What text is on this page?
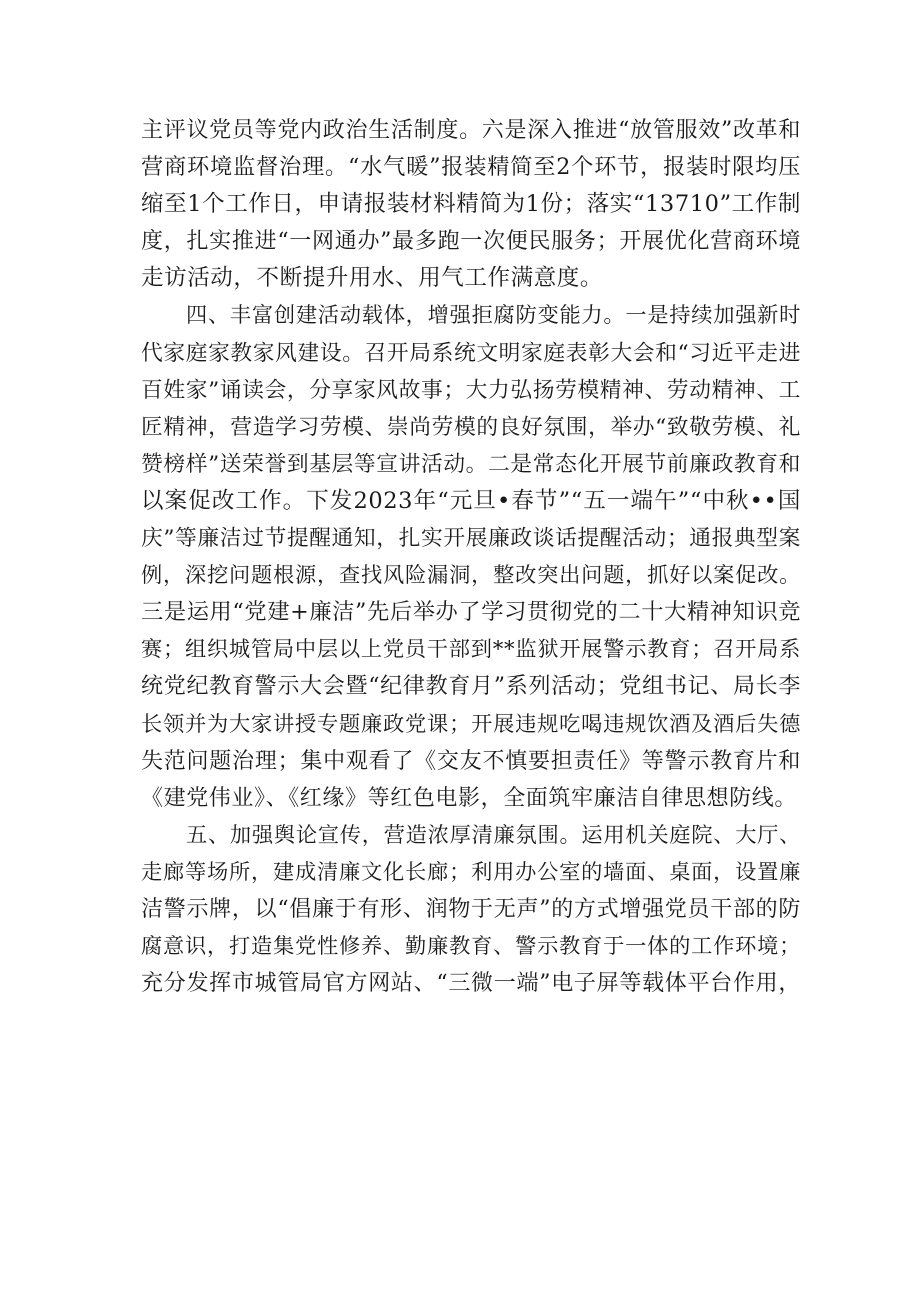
主评议党员等党内政治生活制度。六是深入推进“放管服效”改革和
营商环境监督治理。“水气暖”报装精简至2个环节，报装时限均压
缩至1个工作日，申请报装材料精简为1份；落实“13710”工作制
度，扎实推进“一网通办”最多跑一次便民服务；开展优化营商环境
走访活动，不断提升用水、用气工作满意度。
四、丰富创建活动载体，增强拒腐防变能力。一是持续加强新时
代家庭家教家风建设。召开局系统文明家庭表彰大会和“习近平走进
百姓家”诵读会，分享家风故事；大力弘扬劳模精神、劳动精神、工
匠精神，营造学习劳模、崇尚劳模的良好氛围，举办“致敬劳模、礼
赞榜样”送荣誉到基层等宣讲活动。二是常态化开展节前廉政教育和
以案促改工作。下发2023年“元旦•春节”“五一端午”“中秋••国
庆”等廉洁过节提醒通知，扎实开展廉政谈话提醒活动；通报典型案
例，深挖问题根源，查找风险漏洞，整改突出问题，抓好以案促改。
三是运用“党建+廉洁”先后举办了学习贯彻党的二十大精神知识竞
赛；组织城管局中层以上党员干部到**监狱开展警示教育；召开局系
统党纪教育警示大会暨“纪律教育月”系列活动；党组书记、局长李
长领并为大家讲授专题廉政党课；开展违规吃喝违规饮酒及酒后失德
失范问题治理；集中观看了《交友不慎要担责任》等警示教育片和
《建党伟业》、《红缘》等红色电影，全面筑牢廉洁自律思想防线。
五、加强舆论宣传，营造浓厚清廉氛围。运用机关庭院、大厅、
走廊等场所，建成清廉文化长廊；利用办公室的墙面、桌面，设置廉
洁警示牌，以“倡廉于有形、润物于无声”的方式增强党员干部的防
腐意识，打造集党性修养、勤廉教育、警示教育于一体的工作环境；
充分发挥市城管局官方网站、“三微一端”电子屏等载体平台作用，
